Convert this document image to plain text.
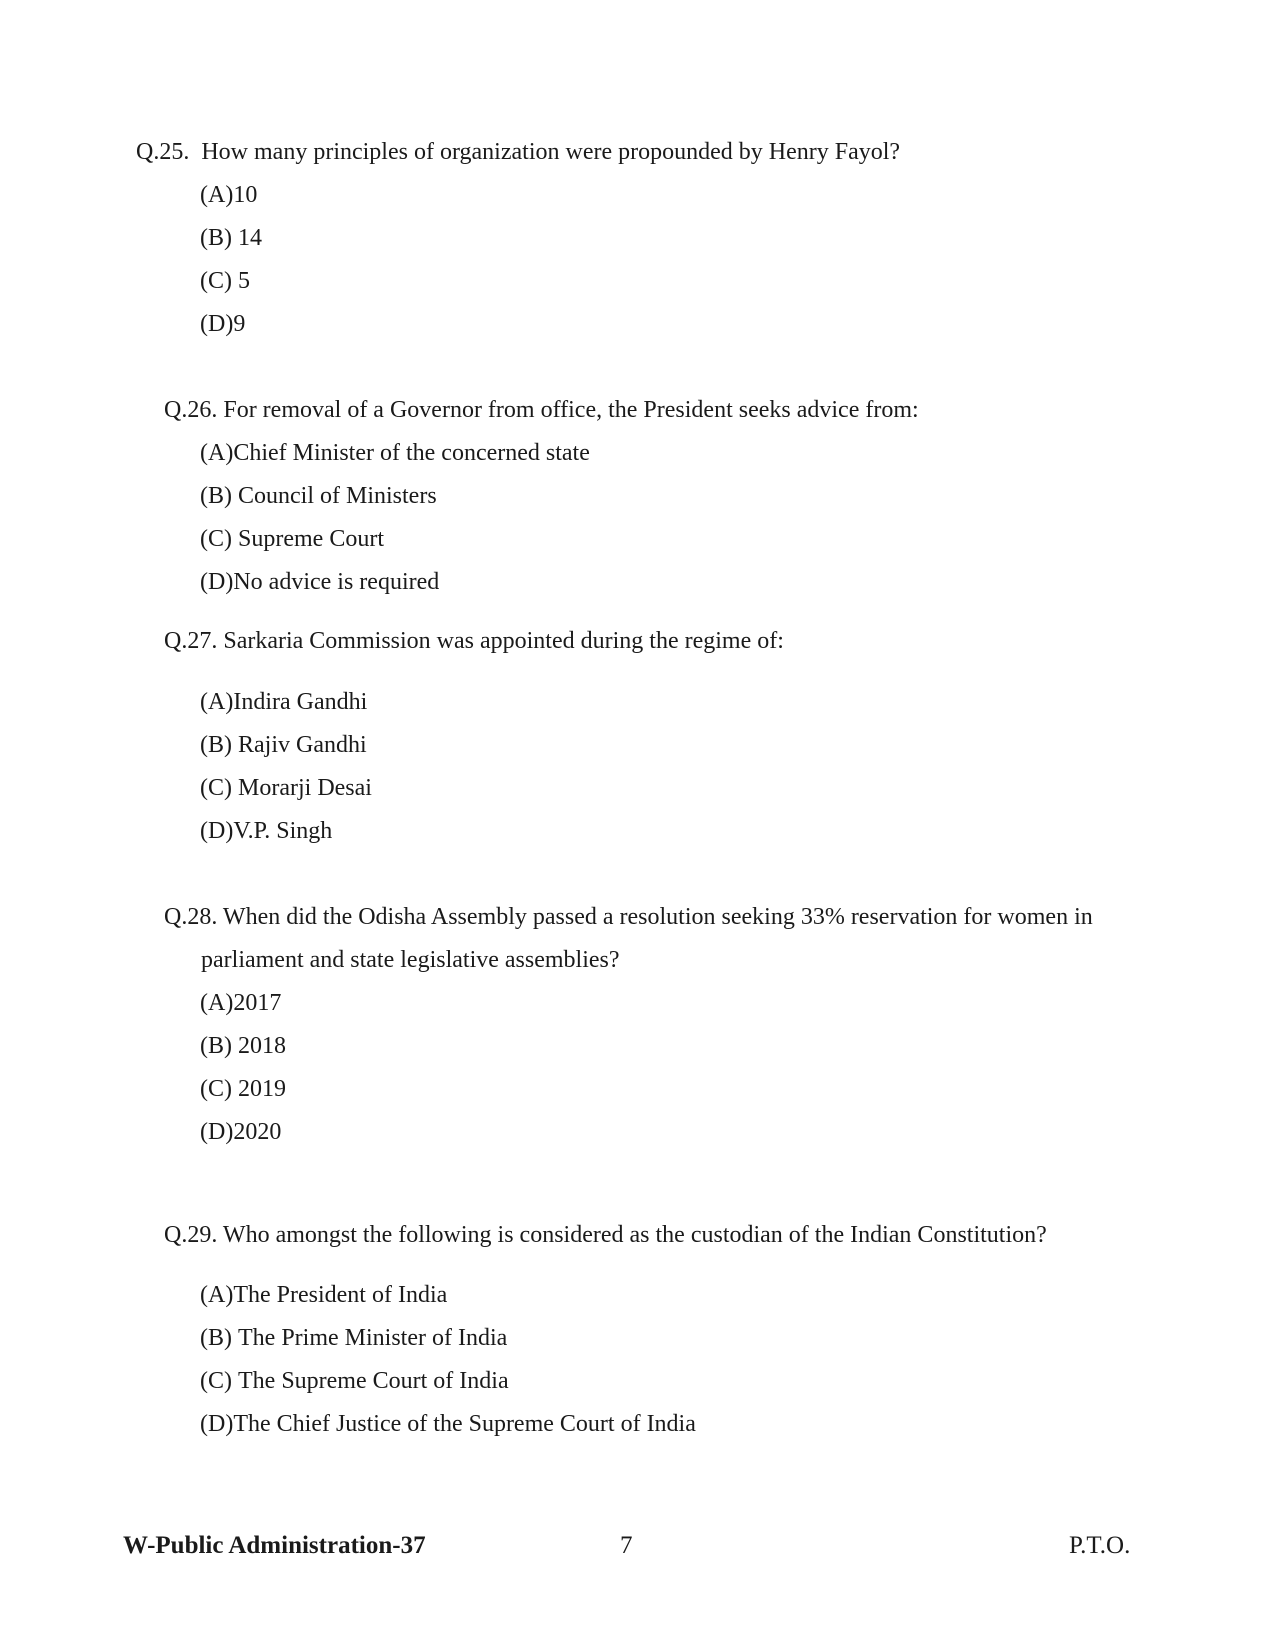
Q.25. How many principles of organization were propounded by Henry Fayol?
(A)10
(B) 14
(C) 5
(D)9
Q.26. For removal of a Governor from office, the President seeks advice from:
(A)Chief Minister of the concerned state
(B) Council of Ministers
(C) Supreme Court
(D)No advice is required
Q.27. Sarkaria Commission was appointed during the regime of:
(A)Indira Gandhi
(B) Rajiv Gandhi
(C) Morarji Desai
(D)V.P. Singh
Q.28. When did the Odisha Assembly passed a resolution seeking 33% reservation for women in
parliament and state legislative assemblies?
(A)2017
(B) 2018
(C) 2019
(D)2020
Q.29. Who amongst the following is considered as the custodian of the Indian Constitution?
(A)The President of India
(B) The Prime Minister of India
(C) The Supreme Court of India
(D)The Chief Justice of the Supreme Court of India
W-Public Administration-37	7	P.T.O.
